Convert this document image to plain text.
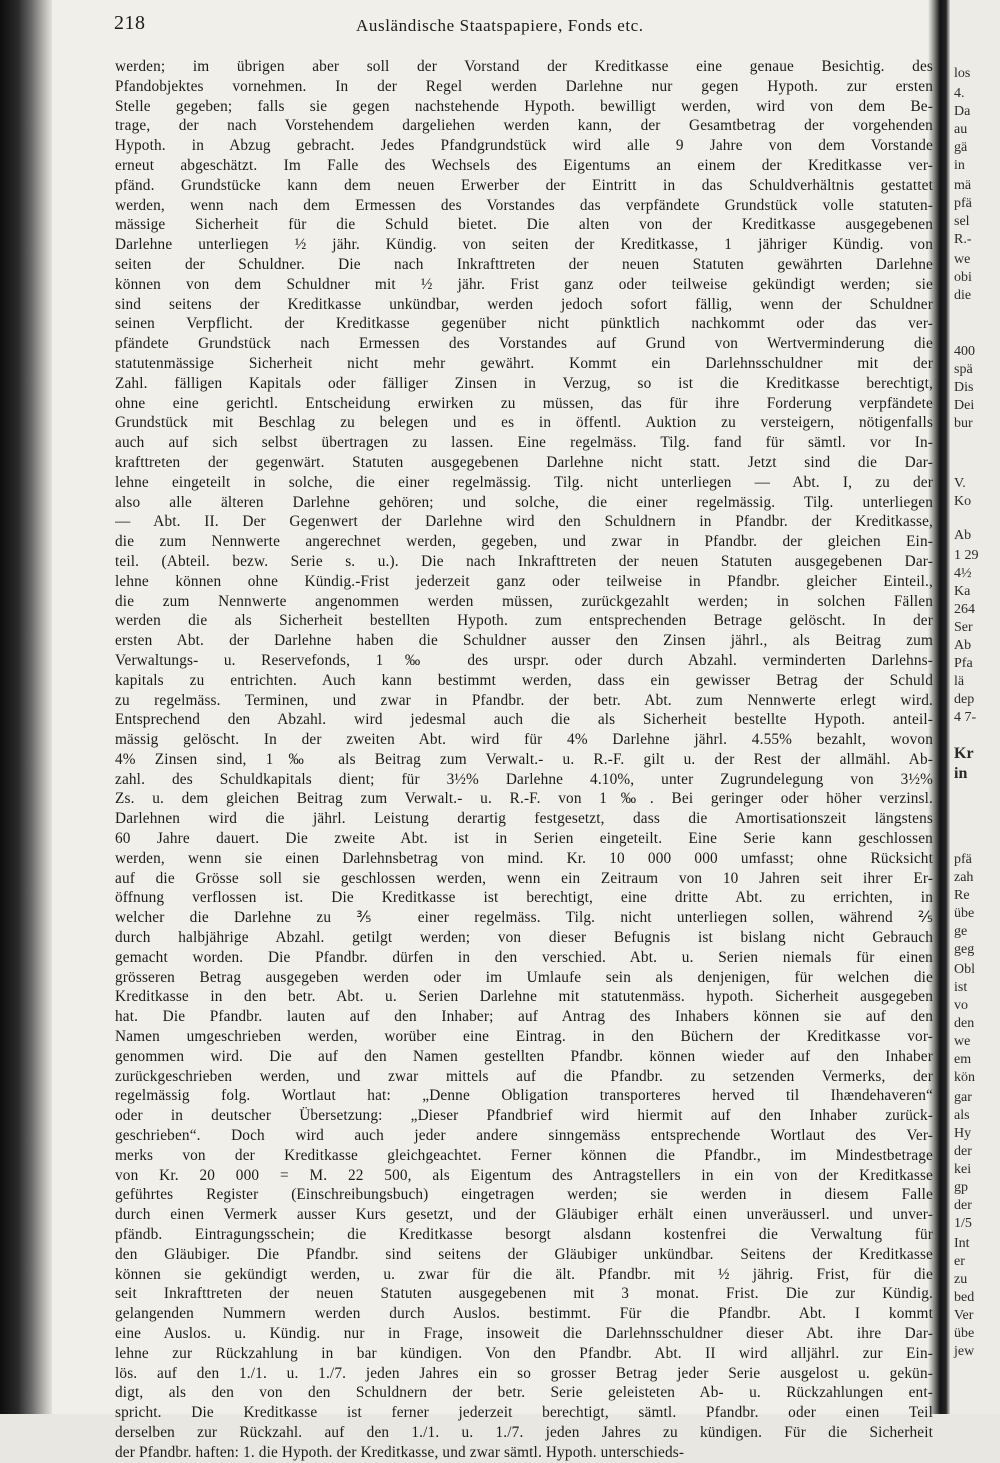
los
4.
Da
au
gä
in
mä
pfä
sel
R.-
we
obi
die
400
spä
Dis
Dei
bur
V.
Ko
Ab
1 29
4½
Ka
264
Ser
Ab
Pfa
lä
dep
4 7-
Kr
in
pfä
zah
Re
übe
ge
geg
Obl
ist
vo
den
we
em
kön
gar
als
Hy
der
kei
gp
der
1/5
Int
er
zu
bed
Ver
übe
jew
218	Ausländische Staatspapiere, Fonds etc.
werden; im übrigen aber soll der Vorstand der Kreditkasse eine genaue Besichtig. des
Pfandobjektes vornehmen. In der Regel werden Darlehne nur gegen Hypoth. zur ersten
Stelle gegeben; falls sie gegen nachstehende Hypoth. bewilligt werden, wird von dem Be-
trage, der nach Vorstehendem dargeliehen werden kann, der Gesamtbetrag der vorgehenden
Hypoth. in Abzug gebracht. Jedes Pfandgrundstück wird alle 9 Jahre von dem Vorstande
erneut abgeschätzt. Im Falle des Wechsels des Eigentums an einem der Kreditkasse ver-
pfänd. Grundstücke kann dem neuen Erwerber der Eintritt in das Schuldverhältnis gestattet
werden, wenn nach dem Ermessen des Vorstandes das verpfändete Grundstück volle statuten-
mässige Sicherheit für die Schuld bietet. Die alten von der Kreditkasse ausgegebenen
Darlehne unterliegen ½ jähr. Kündig. von seiten der Kreditkasse, 1 jähriger Kündig. von
seiten der Schuldner. Die nach Inkrafttreten der neuen Statuten gewährten Darlehne
können von dem Schuldner mit ½ jähr. Frist ganz oder teilweise gekündigt werden; sie
sind seitens der Kreditkasse unkündbar, werden jedoch sofort fällig, wenn der Schuldner
seinen Verpflicht. der Kreditkasse gegenüber nicht pünktlich nachkommt oder das ver-
pfändete Grundstück nach Ermessen des Vorstandes auf Grund von Wertverminderung die
statutenmässige Sicherheit nicht mehr gewährt. Kommt ein Darlehnsschuldner mit der
Zahl. fälligen Kapitals oder fälliger Zinsen in Verzug, so ist die Kreditkasse berechtigt,
ohne eine gerichtl. Entscheidung erwirken zu müssen, das für ihre Forderung verpfändete
Grundstück mit Beschlag zu belegen und es in öffentl. Auktion zu versteigern, nötigenfalls
auch auf sich selbst übertragen zu lassen. Eine regelmäss. Tilg. fand für sämtl. vor In-
krafttreten der gegenwärt. Statuten ausgegebenen Darlehne nicht statt. Jetzt sind die Dar-
lehne eingeteilt in solche, die einer regelmässig. Tilg. nicht unterliegen — Abt. I, zu der
also alle älteren Darlehne gehören; und solche, die einer regelmässig. Tilg. unterliegen
— Abt. II. Der Gegenwert der Darlehne wird den Schuldnern in Pfandbr. der Kreditkasse,
die zum Nennwerte angerechnet werden, gegeben, und zwar in Pfandbr. der gleichen Ein-
teil. (Abteil. bezw. Serie s. u.). Die nach Inkrafttreten der neuen Statuten ausgegebenen Dar-
lehne können ohne Kündig.-Frist jederzeit ganz oder teilweise in Pfandbr. gleicher Einteil.,
die zum Nennwerte angenommen werden müssen, zurückgezahlt werden; in solchen Fällen
werden die als Sicherheit bestellten Hypoth. zum entsprechenden Betrage gelöscht. In der
ersten Abt. der Darlehne haben die Schuldner ausser den Zinsen jährl., als Beitrag zum
Verwaltungs- u. Reservefonds, 1‰ des urspr. oder durch Abzahl. verminderten Darlehns-
kapitals zu entrichten. Auch kann bestimmt werden, dass ein gewisser Betrag der Schuld
zu regelmäss. Terminen, und zwar in Pfandbr. der betr. Abt. zum Nennwerte erlegt wird.
Entsprechend den Abzahl. wird jedesmal auch die als Sicherheit bestellte Hypoth. anteil-
mässig gelöscht. In der zweiten Abt. wird für 4% Darlehne jährl. 4.55% bezahlt, wovon
4% Zinsen sind, 1‰ als Beitrag zum Verwalt.- u. R.-F. gilt u. der Rest der allmähl. Ab-
zahl. des Schuldkapitals dient; für 3½% Darlehne 4.10%, unter Zugrundelegung von 3½%
Zs. u. dem gleichen Beitrag zum Verwalt.- u. R.-F. von 1‰. Bei geringer oder höher verzinsl.
Darlehnen wird die jährl. Leistung derartig festgesetzt, dass die Amortisationszeit längstens
60 Jahre dauert. Die zweite Abt. ist in Serien eingeteilt. Eine Serie kann geschlossen
werden, wenn sie einen Darlehnsbetrag von mind. Kr. 10 000 000 umfasst; ohne Rücksicht
auf die Grösse soll sie geschlossen werden, wenn ein Zeitraum von 10 Jahren seit ihrer Er-
öffnung verflossen ist. Die Kreditkasse ist berechtigt, eine dritte Abt. zu errichten, in
welcher die Darlehne zu ⅗ einer regelmäss. Tilg. nicht unterliegen sollen, während ⅖
durch halbjährige Abzahl. getilgt werden; von dieser Befugnis ist bislang nicht Gebrauch
gemacht worden. Die Pfandbr. dürfen in den verschied. Abt. u. Serien niemals für einen
grösseren Betrag ausgegeben werden oder im Umlaufe sein als denjenigen, für welchen die
Kreditkasse in den betr. Abt. u. Serien Darlehne mit statutenmäss. hypoth. Sicherheit ausgegeben
hat. Die Pfandbr. lauten auf den Inhaber; auf Antrag des Inhabers können sie auf den
Namen umgeschrieben werden, worüber eine Eintrag. in den Büchern der Kreditkasse vor-
genommen wird. Die auf den Namen gestellten Pfandbr. können wieder auf den Inhaber
zurückgeschrieben werden, und zwar mittels auf die Pfandbr. zu setzenden Vermerks, der
regelmässig folg. Wortlaut hat: „Denne Obligation transporteres herved til Ihændehaveren“
oder in deutscher Übersetzung: „Dieser Pfandbrief wird hiermit auf den Inhaber zurück-
geschrieben“. Doch wird auch jeder andere sinngemäss entsprechende Wortlaut des Ver-
merks von der Kreditkasse gleichgeachtet. Ferner können die Pfandbr., im Mindestbetrage
von Kr. 20 000 = M. 22 500, als Eigentum des Antragstellers in ein von der Kreditkasse
geführtes Register (Einschreibungsbuch) eingetragen werden; sie werden in diesem Falle
durch einen Vermerk ausser Kurs gesetzt, und der Gläubiger erhält einen unveräusserl. und unver-
pfändb. Eintragungsschein; die Kreditkasse besorgt alsdann kostenfrei die Verwaltung für
den Gläubiger. Die Pfandbr. sind seitens der Gläubiger unkündbar. Seitens der Kreditkasse
können sie gekündigt werden, u. zwar für die ält. Pfandbr. mit ½ jährig. Frist, für die
seit Inkrafttreten der neuen Statuten ausgegebenen mit 3 monat. Frist. Die zur Kündig.
gelangenden Nummern werden durch Auslos. bestimmt. Für die Pfandbr. Abt. I kommt
eine Auslos. u. Kündig. nur in Frage, insoweit die Darlehnsschuldner dieser Abt. ihre Dar-
lehne zur Rückzahlung in bar kündigen. Von den Pfandbr. Abt. II wird alljährl. zur Ein-
lös. auf den 1./1. u. 1./7. jeden Jahres ein so grosser Betrag jeder Serie ausgelost u. gekün-
digt, als den von den Schuldnern der betr. Serie geleisteten Ab- u. Rückzahlungen ent-
spricht. Die Kreditkasse ist ferner jederzeit berechtigt, sämtl. Pfandbr. oder einen Teil
derselben zur Rückzahl. auf den 1./1. u. 1./7. jeden Jahres zu kündigen. Für die Sicherheit
der Pfandbr. haften: 1. die Hypoth. der Kreditkasse, und zwar sämtl. Hypoth. unterschieds-
